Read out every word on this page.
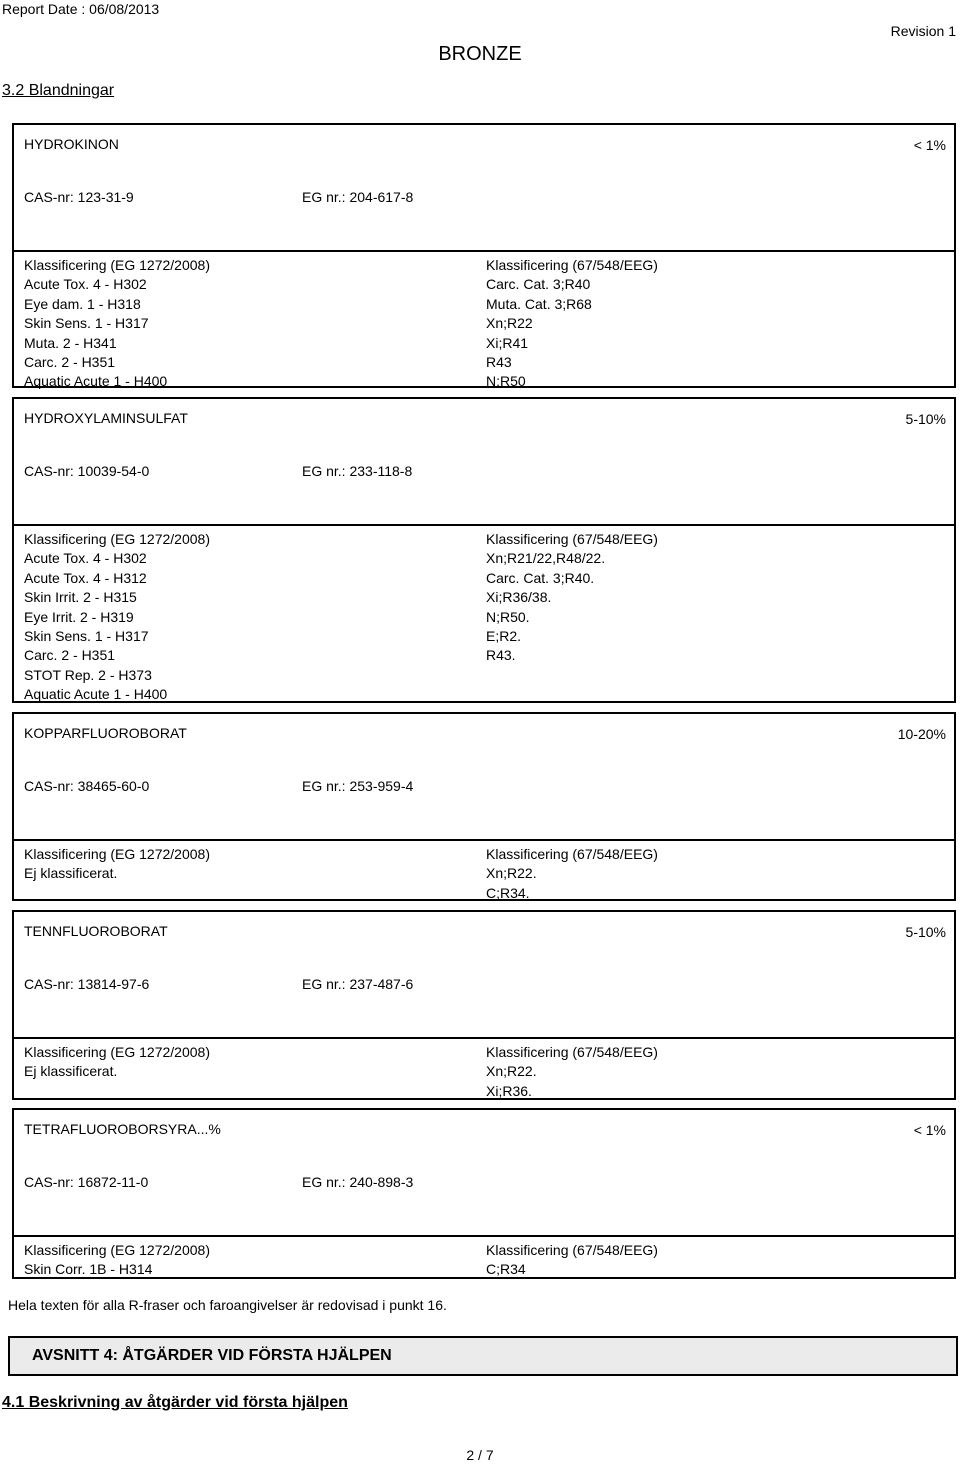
Report Date : 06/08/2013
BRONZE
Revision 1
3.2 Blandningar
HYDROKINON	< 1%
CAS-nr: 123-31-9	EG nr.: 204-617-8
Klassificering (EG 1272/2008)
Acute Tox. 4 - H302
Eye dam. 1 - H318
Skin Sens. 1 - H317
Muta. 2 - H341
Carc. 2 - H351
Aquatic Acute 1 - H400
Klassificering (67/548/EEG)
Carc. Cat. 3;R40
Muta. Cat. 3;R68
Xn;R22
Xi;R41
R43
N;R50
HYDROXYLAMINSULFAT	5-10%
CAS-nr: 10039-54-0	EG nr.: 233-118-8
Klassificering (EG 1272/2008)
Acute Tox. 4 - H302
Acute Tox. 4 - H312
Skin Irrit. 2 - H315
Eye Irrit. 2 - H319
Skin Sens. 1 - H317
Carc. 2 - H351
STOT Rep. 2 - H373
Aquatic Acute 1 - H400
Klassificering (67/548/EEG)
Xn;R21/22,R48/22.
Carc. Cat. 3;R40.
Xi;R36/38.
N;R50.
E;R2.
R43.
KOPPARFLUOROBORAT	10-20%
CAS-nr: 38465-60-0	EG nr.: 253-959-4
Klassificering (EG 1272/2008)
Ej klassificerat.
Klassificering (67/548/EEG)
Xn;R22.
C;R34.
TENNFLUOROBORAT	5-10%
CAS-nr: 13814-97-6	EG nr.: 237-487-6
Klassificering (EG 1272/2008)
Ej klassificerat.
Klassificering (67/548/EEG)
Xn;R22.
Xi;R36.
TETRAFLUOROBORSYRA...%	< 1%
CAS-nr: 16872-11-0	EG nr.: 240-898-3
Klassificering (EG 1272/2008)
Skin Corr. 1B - H314
Klassificering (67/548/EEG)
C;R34
Hela texten för alla R-fraser och faroangivelser är redovisad i punkt 16.
AVSNITT 4: ÅTGÄRDER VID FÖRSTA HJÄLPEN
4.1 Beskrivning av åtgärder vid första hjälpen
2 / 7
